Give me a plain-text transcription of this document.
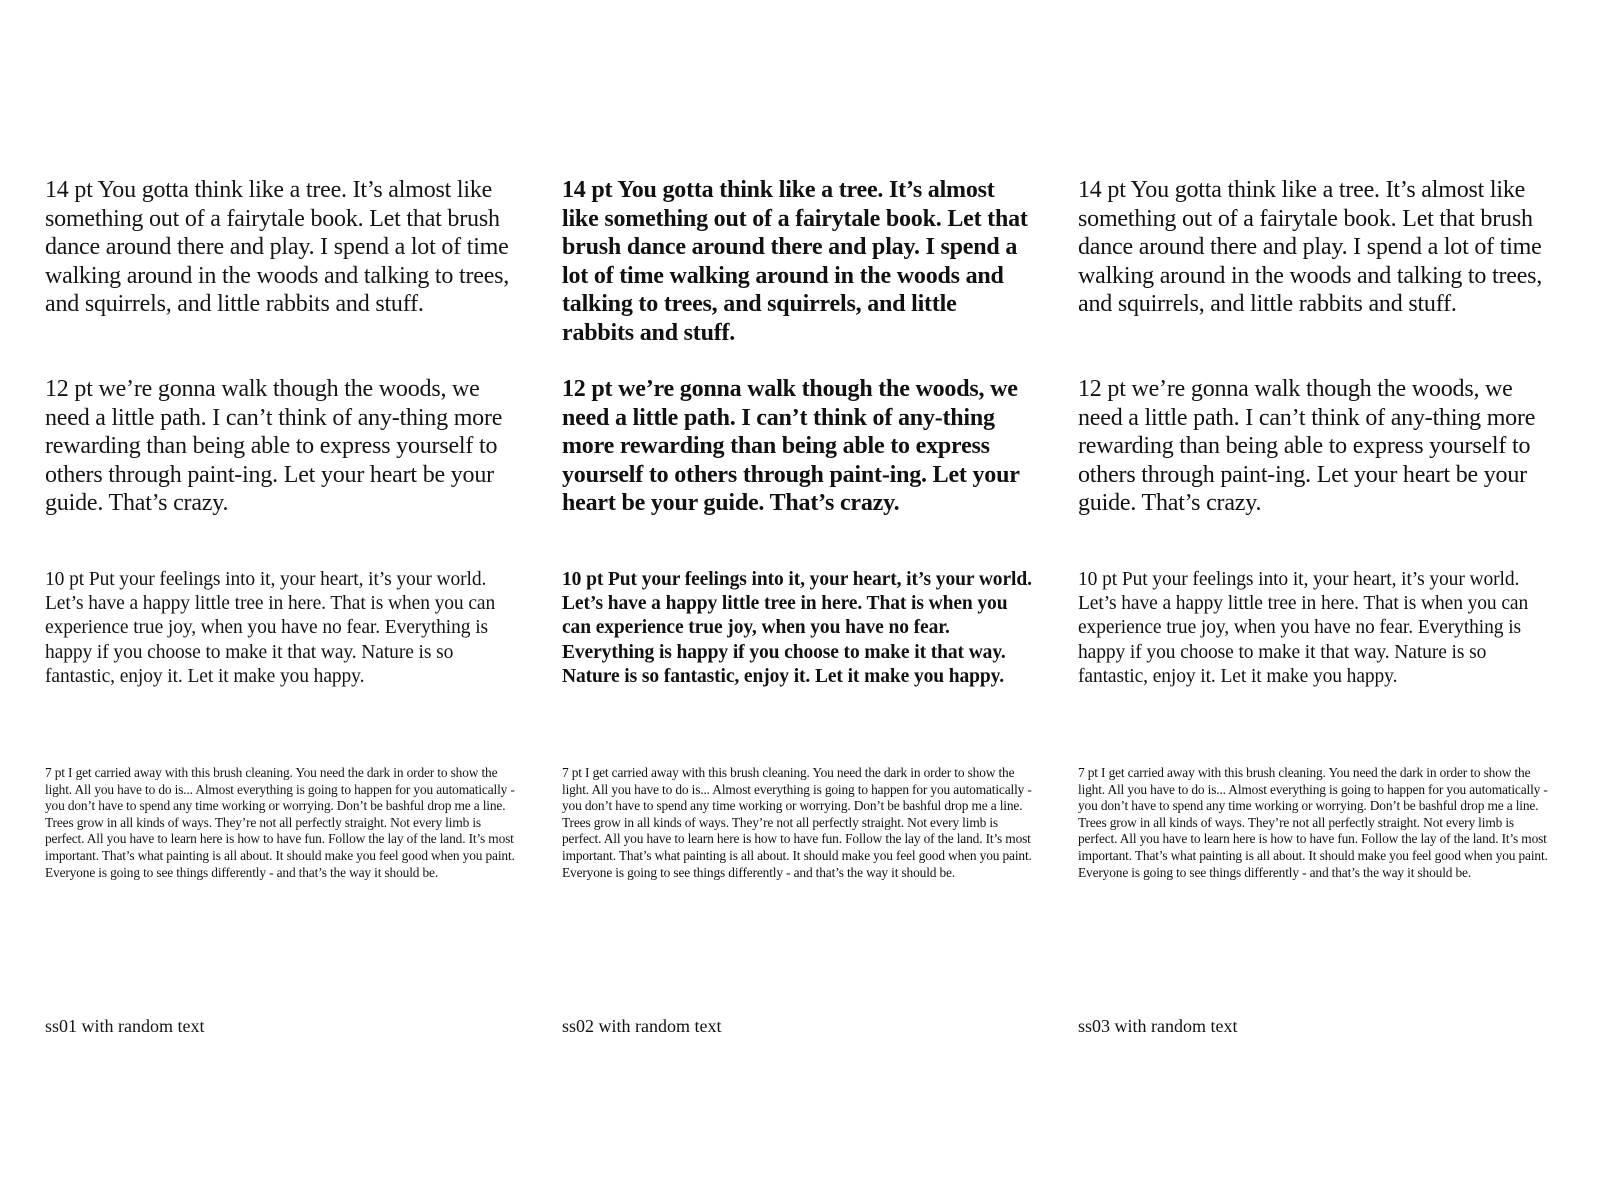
14 pt You gotta think like a tree. It’s almost like something out of a fairytale book. Let that brush dance around there and play. I spend a lot of time walking around in the woods and talking to trees, and squirrels, and little rabbits and stuff.

12 pt we’re gonna walk though the woods, we need a little path. I can’t think of any-thing more rewarding than being able to express yourself to others through paint-ing. Let your heart be your guide. That’s crazy.

10 pt Put your feelings into it, your heart, it’s your world. Let’s have a happy little tree in here. That is when you can experience true joy, when you have no fear. Everything is happy if you choose to make it that way. Nature is so fantastic, enjoy it. Let it make you happy.

7 pt I get carried away with this brush cleaning. You need the dark in order to show the light. All you have to do is... Almost everything is going to happen for you automatically - you don’t have to spend any time working or worrying. Don’t be bashful drop me a line. Trees grow in all kinds of ways. They’re not all perfectly straight. Not every limb is perfect. All you have to learn here is how to have fun. Follow the lay of the land. It’s most important. That’s what painting is all about. It should make you feel good when you paint. Everyone is going to see things differently - and that’s the way it should be.

ss01 with random text

14 pt You gotta think like a tree. It’s almost like something out of a fairytale book. Let that brush dance around there and play. I spend a lot of time walking around in the woods and talking to trees, and squirrels, and little rabbits and stuff.

12 pt we’re gonna walk though the woods, we need a little path. I can’t think of any-thing more rewarding than being able to express yourself to others through paint-ing. Let your heart be your guide. That’s crazy.

10 pt Put your feelings into it, your heart, it’s your world. Let’s have a happy little tree in here. That is when you can experience true joy, when you have no fear. Everything is happy if you choose to make it that way. Nature is so fantastic, enjoy it. Let it make you happy.

7 pt I get carried away with this brush cleaning. You need the dark in order to show the light. All you have to do is... Almost everything is going to happen for you automatically - you don’t have to spend any time working or worrying. Don’t be bashful drop me a line. Trees grow in all kinds of ways. They’re not all perfectly straight. Not every limb is perfect. All you have to learn here is how to have fun. Follow the lay of the land. It’s most important. That’s what painting is all about. It should make you feel good when you paint. Everyone is going to see things differently - and that’s the way it should be.

ss02 with random text

14 pt You gotta think like a tree. It’s almost like something out of a fairytale book. Let that brush dance around there and play. I spend a lot of time walking around in the woods and talking to trees, and squirrels, and little rabbits and stuff.

12 pt we’re gonna walk though the woods, we need a little path. I can’t think of any-thing more rewarding than being able to express yourself to others through paint-ing. Let your heart be your guide. That’s crazy.

10 pt Put your feelings into it, your heart, it’s your world. Let’s have a happy little tree in here. That is when you can experience true joy, when you have no fear. Everything is happy if you choose to make it that way. Nature is so fantastic, enjoy it. Let it make you happy.

7 pt I get carried away with this brush cleaning. You need the dark in order to show the light. All you have to do is... Almost everything is going to happen for you automatically - you don’t have to spend any time working or worrying. Don’t be bashful drop me a line. Trees grow in all kinds of ways. They’re not all perfectly straight. Not every limb is perfect. All you have to learn here is how to have fun. Follow the lay of the land. It’s most important. That’s what painting is all about. It should make you feel good when you paint. Everyone is going to see things differently - and that’s the way it should be.

ss03 with random text
